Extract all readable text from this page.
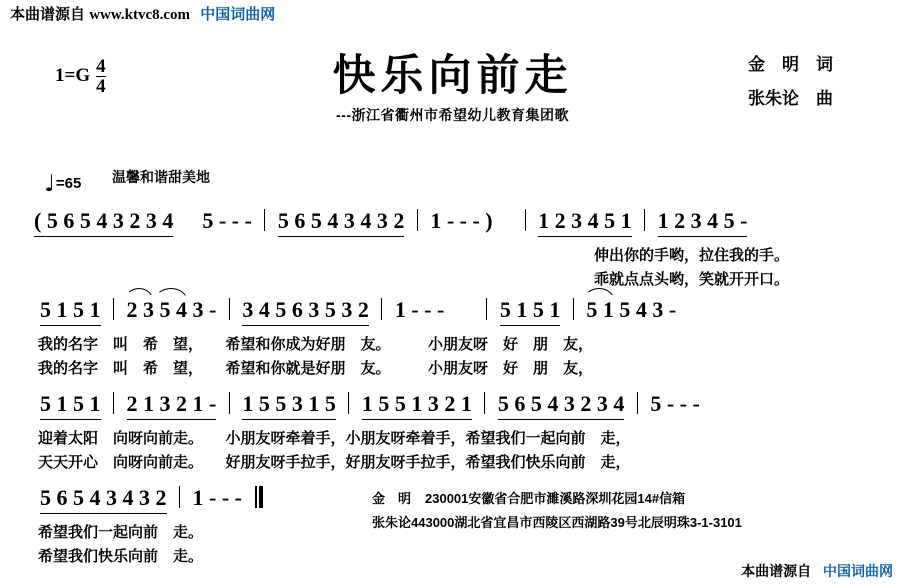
本曲谱源自 www.ktvc8.com 中国词曲网
$1=G \frac{4}{4}$	快乐向前走
---浙江省衢州市希望幼儿教育集团歌
金　明　词
张朱论　曲
♩ =65 温馨和谐甜美地
( 5 6 5 4 3 2 3 4 5 - - - 5 6 5 4 3 4 3 2 1 - - - ) 1 2 3 4 5 1 1 2 3 4 5 -
伸出你的手哟，拉住我的手。
乖就点点头哟，笑就开开口。
5 1 5 1 2 3 5 4 3 - 3 4 5 6 3 5 3 2 1 - - -	5 1 5 1 5 1 5 4 3 -
我的名字　叫　希　望，　　希望和你成为好朋　友。　　　小朋友呀　好　朋　友，
我的名字　叫　希　望，　　希望和你就是好朋　友。　　　小朋友呀　好　朋　友，
5 1 5 1 2 1 3 2 1 - 1 5 5 3 1 5 1 5 5 1 3 2 1 5 6 5 4 3 2 3 4 5 - - -
迎着太阳　向呀向前走。　　小朋友呀牵着手，小朋友呀牵着手，希望我们一起向前　走，
天天开心　向呀向前走。　　好朋友呀手拉手，好朋友呀手拉手，希望我们快乐向前　走，
5 6 5 4 3 4 3 2 1 - - -
希望我们一起向前　走。
希望我们快乐向前　走。
金　明 230001安徽省合肥市濉溪路深圳花园14#信箱
张朱论443000湖北省宜昌市西陵区西湖路39号北辰明珠3-1-3101
本曲谱源自 中国词曲网
